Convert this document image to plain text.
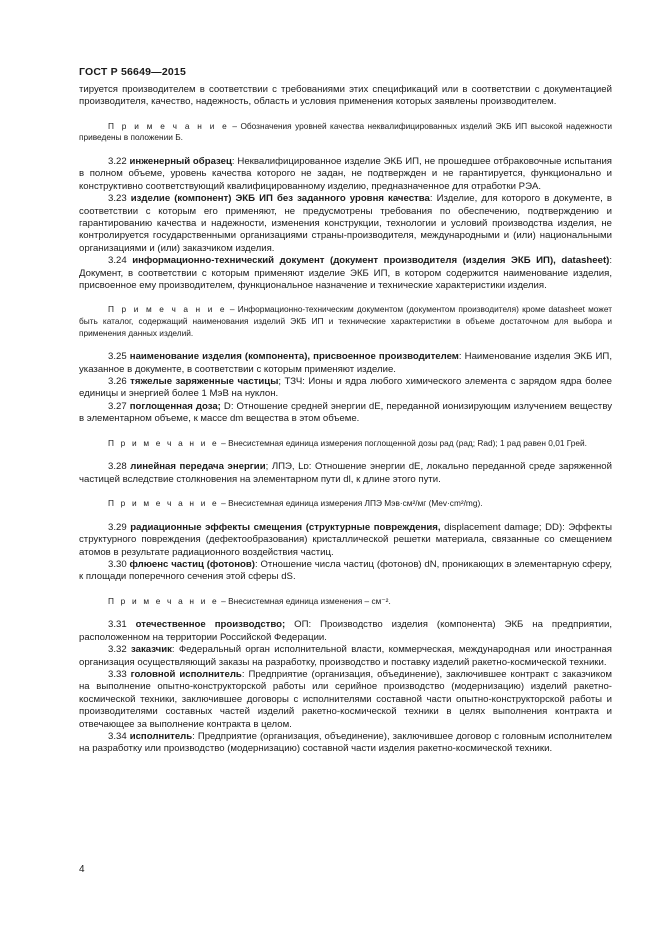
ГОСТ Р 56649—2015

тируется производителем в соответствии с требованиями этих спецификаций или в соответствии с документацией производителя, качество, надежность, область и условия применения которых заявлены производителем.

П р и м е ч а н и е – Обозначения уровней качества неквалифицированных изделий ЭКБ ИП высокой надежности приведены в положении Б.

3.22 инженерный образец: Неквалифицированное изделие ЭКБ ИП, не прошедшее отбраковочные испытания в полном объеме, уровень качества которого не задан, не подтвержден и не гарантируется, функционально и конструктивно соответствующий квалифицированному изделию, предназначенное для отработки РЭА.

3.23 изделие (компонент) ЭКБ ИП без заданного уровня качества: Изделие, для которого в документе, в соответствии с которым его применяют, не предусмотрены требования по обеспечению, подтверждению и гарантированию качества и надежности, изменения конструкции, технологии и условий производства изделия, не контролируется государственными организациями страны-производителя, международными и (или) национальными организациями и (или) заказчиком изделия.

3.24 информационно-технический документ (документ производителя (изделия ЭКБ ИП), datasheet): Документ, в соответствии с которым применяют изделие ЭКБ ИП, в котором содержится наименование изделия, присвоенное ему производителем, функциональное назначение и технические характеристики изделия.

П р и м е ч а н и е – Информационно-техническим документом (документом производителя) кроме datasheet может быть каталог, содержащий наименования изделий ЭКБ ИП и технические характеристики в объеме достаточном для выбора и применения данных изделий.

3.25 наименование изделия (компонента), присвоенное производителем: Наименование изделия ЭКБ ИП, указанное в документе, в соответствии с которым применяют изделие.

3.26 тяжелые заряженные частицы; ТЗЧ: Ионы и ядра любого химического элемента с зарядом ядра более единицы и энергией более 1 МэВ на нуклон.

3.27 поглощенная доза; D: Отношение средней энергии dE, переданной ионизирующим излучением веществу в элементарном объеме, к массе dm вещества в этом объеме.

П р и м е ч а н и е – Внесистемная единица измерения поглощенной дозы рад (рад; Rad); 1 рад равен 0,01 Грей.

3.28 линейная передача энергии; ЛПЭ, Lᴅ: Отношение энергии dE, локально переданной среде заряженной частицей вследствие столкновения на элементарном пути dl, к длине этого пути.

П р и м е ч а н и е – Внесистемная единица измерения ЛПЭ Мэв·см²/мг (Mev·cm²/mg).

3.29 радиационные эффекты смещения (структурные повреждения, displacement damage; DD): Эффекты структурного повреждения (дефектообразования) кристаллической решетки материала, связанные со смещением атомов в результате радиационного воздействия частиц.

3.30 флюенс частиц (фотонов): Отношение числа частиц (фотонов) dN, проникающих в элементарную сферу, к площади поперечного сечения этой сферы dS.

П р и м е ч а н и е – Внесистемная единица изменения – см⁻².

3.31 отечественное производство; ОП: Производство изделия (компонента) ЭКБ на предприятии, расположенном на территории Российской Федерации.

3.32 заказчик: Федеральный орган исполнительной власти, коммерческая, международная или иностранная организация осуществляющий заказы на разработку, производство и поставку изделий ракетно-космической техники.

3.33 головной исполнитель: Предприятие (организация, объединение), заключившее контракт с заказчиком на выполнение опытно-конструкторской работы или серийное производство (модернизацию) изделий ракетно-космической техники, заключившее договоры с исполнителями составной части опытно-конструкторской работы и производителями составных частей изделий ракетно-космической техники в целях выполнения контракта и отвечающее за выполнение контракта в целом.

3.34 исполнитель: Предприятие (организация, объединение), заключившее договор с головным исполнителем на разработку или производство (модернизацию) составной части изделия ракетно-космической техники.

4
